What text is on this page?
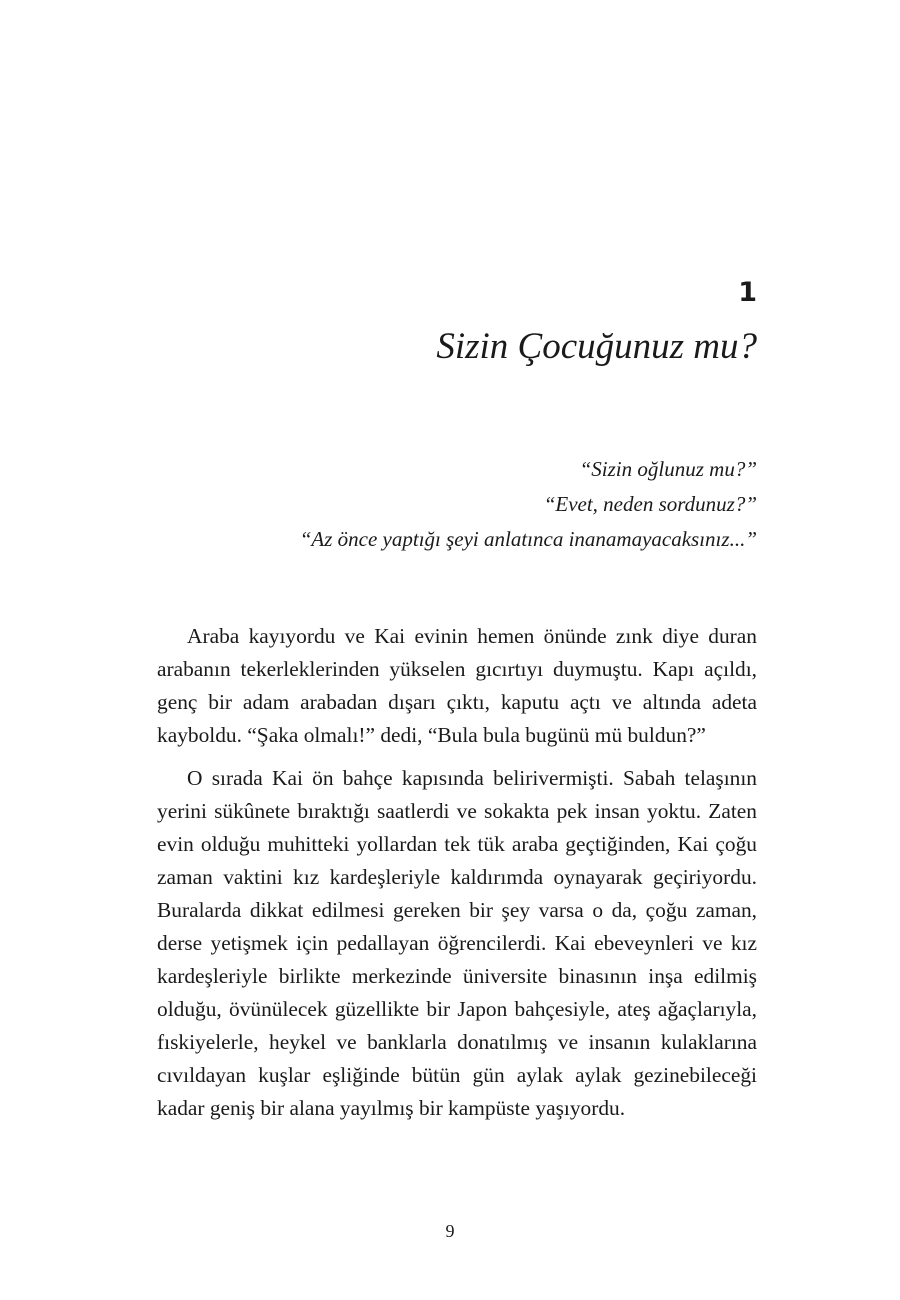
1
Sizin Çocuğunuz mu?
“Sizin oğlunuz mu?”
“Evet, neden sordunuz?”
“Az önce yaptığı şeyi anlatınca inanamayacaksınız...”

Araba kayıyordu ve Kai evinin hemen önünde zınk diye duran arabanın tekerleklerinden yükselen gıcırtıyı duymuştu. Kapı açıldı, genç bir adam arabadan dışarı çıktı, kaputu açtı ve altında adeta kayboldu. “Şaka olmalı!” dedi, “Bula bula bugünü mü buldun?”

O sırada Kai ön bahçe kapısında belirivermişti. Sabah telaşının yerini sükûnete bıraktığı saatlerdi ve sokakta pek insan yoktu. Zaten evin olduğu muhitteki yollardan tek tük araba geçtiğinden, Kai çoğu zaman vaktini kız kardeşleriyle kaldırımda oynayarak geçiriyordu. Buralarda dikkat edilmesi gereken bir şey varsa o da, çoğu zaman, derse yetişmek için pedallayan öğrencilerdi. Kai ebeveynleri ve kız kardeşleriyle birlikte merkezinde üniversite binasının inşa edilmiş olduğu, övünülecek güzellikte bir Japon bahçesiyle, ateş ağaçlarıyla, fıskiyelerle, heykel ve banklarla donatılmış ve insanın kulaklarına cıvıldayan kuşlar eşliğinde bütün gün aylak aylak gezinebileceği kadar geniş bir alana yayılmış bir kampüste yaşıyordu.

9
